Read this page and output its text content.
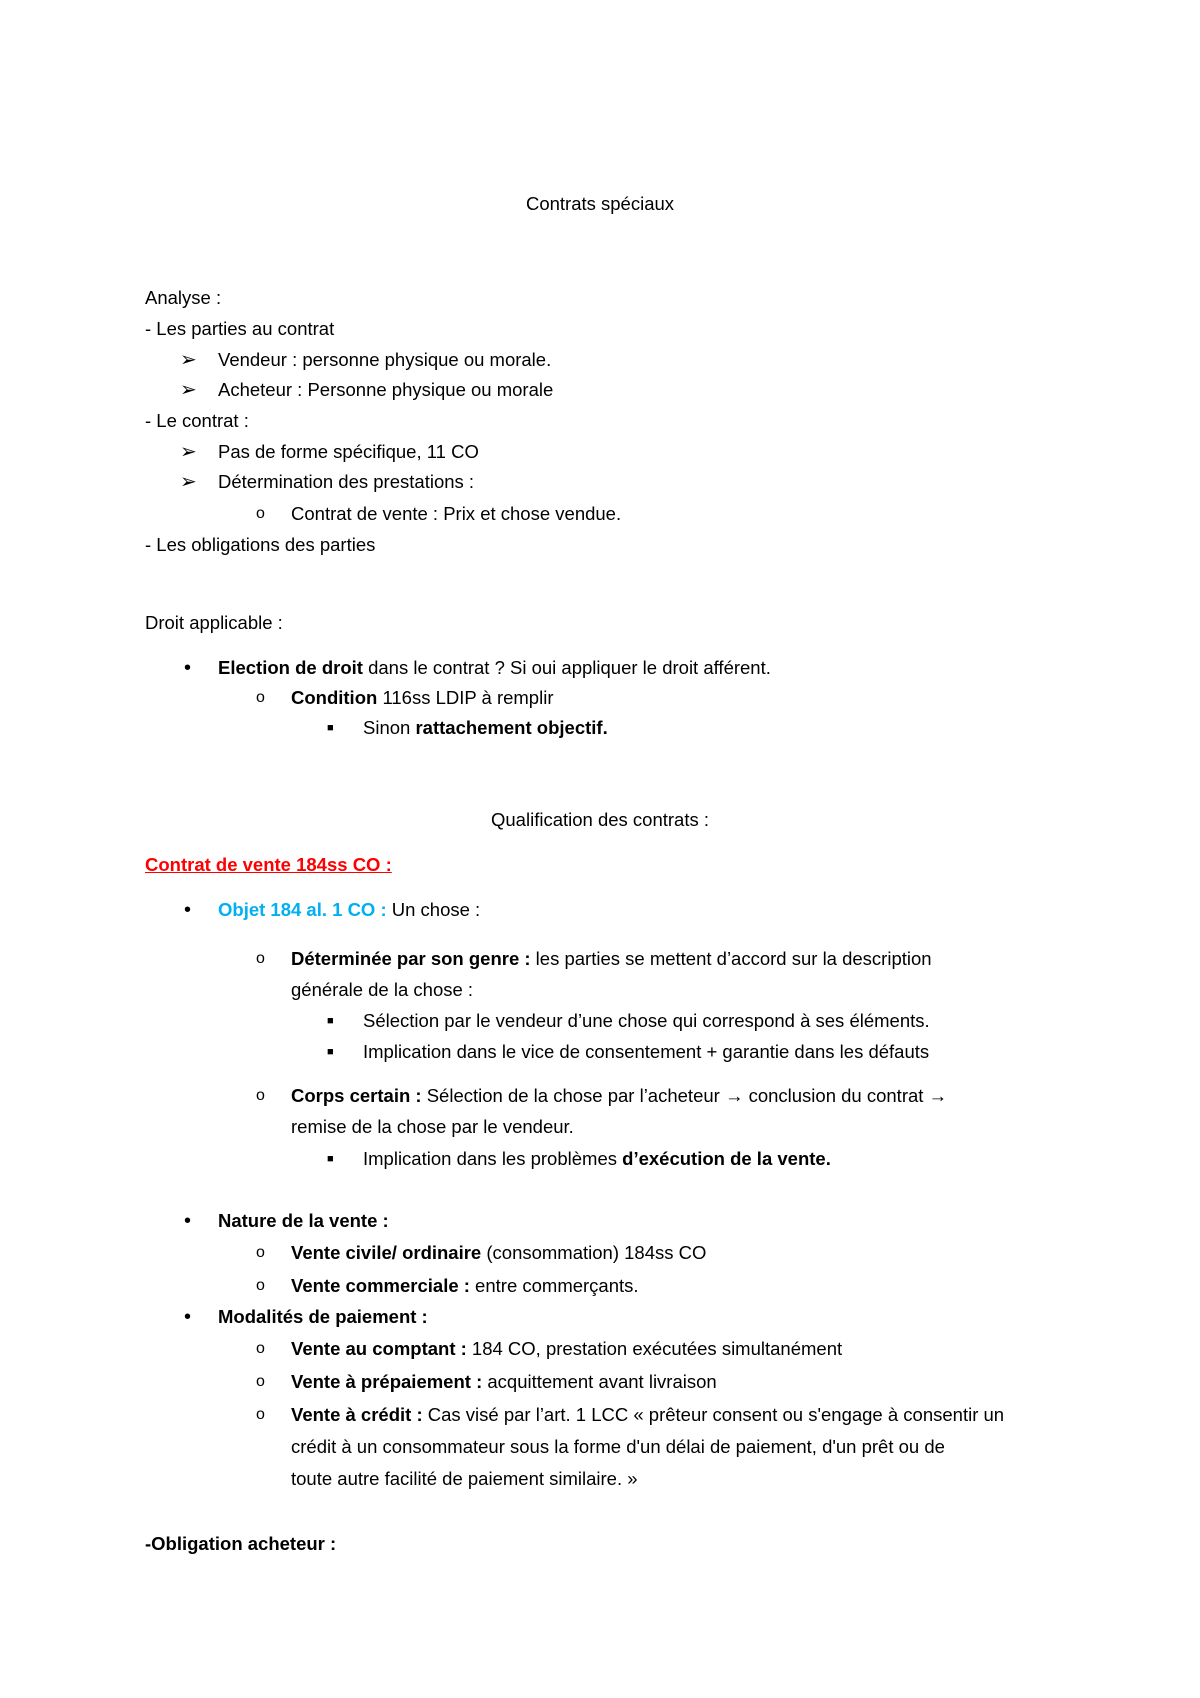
Contrats spéciaux
Analyse :
- Les parties au contrat
➢ Vendeur : personne physique ou morale.
➢ Acheteur : Personne physique ou morale
- Le contrat :
➢ Pas de forme spécifique, 11 CO
➢ Détermination des prestations :
o Contrat de vente : Prix et chose vendue.
- Les obligations des parties
Droit applicable :
• Election de droit dans le contrat ? Si oui appliquer le droit afférent.
o Condition 116ss LDIP à remplir
■ Sinon rattachement objectif.
Qualification des contrats :
Contrat de vente 184ss CO :
• Objet 184 al. 1 CO : Un chose :
o Déterminée par son genre : les parties se mettent d’accord sur la description
générale de la chose :
■ Sélection par le vendeur d’une chose qui correspond à ses éléments.
■ Implication dans le vice de consentement + garantie dans les défauts
o Corps certain : Sélection de la chose par l’acheteur → conclusion du contrat →
remise de la chose par le vendeur.
■ Implication dans les problèmes d’exécution de la vente.
• Nature de la vente :
o Vente civile/ ordinaire (consommation) 184ss CO
o Vente commerciale : entre commerçants.
• Modalités de paiement :
o Vente au comptant : 184 CO, prestation exécutées simultanément
o Vente à prépaiement : acquittement avant livraison
o Vente à crédit : Cas visé par l’art. 1 LCC « prêteur consent ou s'engage à consentir un
crédit à un consommateur sous la forme d'un délai de paiement, d'un prêt ou de
toute autre facilité de paiement similaire. »
-Obligation acheteur :
